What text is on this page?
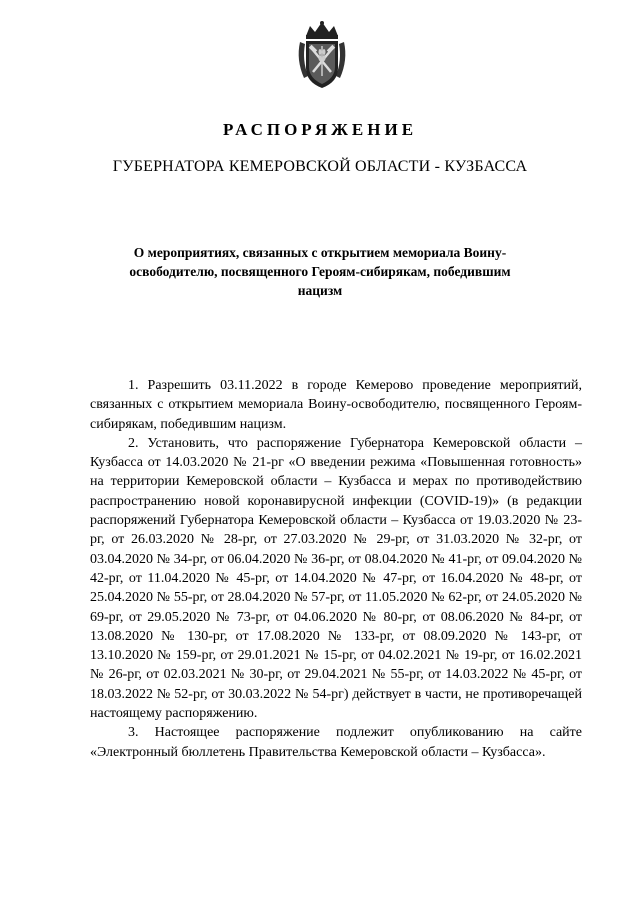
РАСПОРЯЖЕНИЕ
ГУБЕРНАТОРА КЕМЕРОВСКОЙ ОБЛАСТИ - КУЗБАССА
О мероприятиях, связанных с открытием мемориала Воину-освободителю, посвященного Героям-сибирякам, победившим нацизм

1. Разрешить 03.11.2022 в городе Кемерово проведение мероприятий, связанных с открытием мемориала Воину-освободителю, посвященного Героям-сибирякам, победившим нацизм.

2. Установить, что распоряжение Губернатора Кемеровской области – Кузбасса от 14.03.2020 № 21-рг «О введении режима «Повышенная готовность» на территории Кемеровской области – Кузбасса и мерах по противодействию распространению новой коронавирусной инфекции (COVID-19)» (в редакции распоряжений Губернатора Кемеровской области – Кузбасса от 19.03.2020 № 23-рг, от 26.03.2020 № 28-рг, от 27.03.2020 № 29-рг, от 31.03.2020 № 32-рг, от 03.04.2020 № 34-рг, от 06.04.2020 № 36-рг, от 08.04.2020 № 41-рг, от 09.04.2020 № 42-рг, от 11.04.2020 № 45-рг, от 14.04.2020 № 47-рг, от 16.04.2020 № 48-рг, от 25.04.2020 № 55-рг, от 28.04.2020 № 57-рг, от 11.05.2020 № 62-рг, от 24.05.2020 № 69-рг, от 29.05.2020 № 73-рг, от 04.06.2020 № 80-рг, от 08.06.2020 № 84-рг, от 13.08.2020 № 130-рг, от 17.08.2020 № 133-рг, от 08.09.2020 № 143-рг, от 13.10.2020 № 159-рг, от 29.01.2021 № 15-рг, от 04.02.2021 № 19-рг, от 16.02.2021 № 26-рг, от 02.03.2021 № 30-рг, от 29.04.2021 № 55-рг, от 14.03.2022 № 45-рг, от 18.03.2022 № 52-рг, от 30.03.2022 № 54-рг) действует в части, не противоречащей настоящему распоряжению.

3. Настоящее распоряжение подлежит опубликованию на сайте «Электронный бюллетень Правительства Кемеровской области – Кузбасса».
